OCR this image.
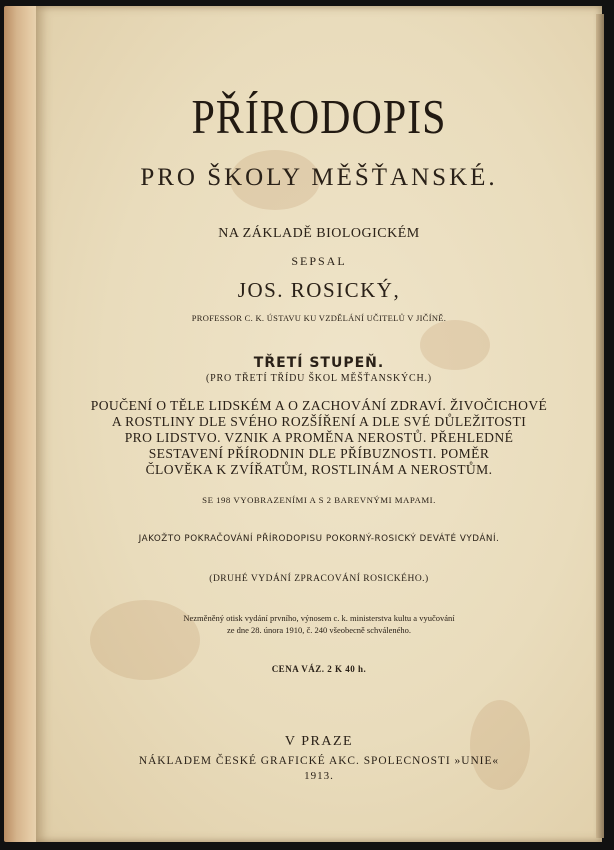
PŘÍRODOPIS
PRO ŠKOLY MĚŠŤANSKÉ.
NA ZÁKLADĚ BIOLOGICKÉM
SEPSAL
JOS. ROSICKÝ,
PROFESSOR C. K. ÚSTAVU KU VZDĚLÁNÍ UČITELŮ V JIČÍNĚ.
TŘETÍ STUPEŇ.
(PRO TŘETÍ TŘÍDU ŠKOL MĚŠŤANSKÝCH.)
POUČENÍ O TĚLE LIDSKÉM A O ZACHOVÁNÍ ZDRAVÍ. ŽIVOČICHOVÉ
A ROSTLINY DLE SVÉHO ROZŠÍŘENÍ A DLE SVÉ DŮLEŽITOSTI
PRO LIDSTVO. VZNIK A PROMĚNA NEROSTŮ. PŘEHLEDNÉ
SESTAVENÍ PŘÍRODNIN DLE PŘÍBUZNOSTI. POMĚR
ČLOVĚKA K ZVÍŘATŮM, ROSTLINÁM A NEROSTŮM.
SE 198 VYOBRAZENÍMI A S 2 BAREVNÝMI MAPAMI.
JAKOŽTO POKRAČOVÁNÍ PŘÍRODOPISU POKORNÝ-ROSICKÝ DEVÁTÉ VYDÁNÍ.
(DRUHÉ VYDÁNÍ ZPRACOVÁNÍ ROSICKÉHO.)
Nezměněný otisk vydání prvního, výnosem c. k. ministerstva kultu a vyučování
ze dne 28. února 1910, č. 240 všeobecně schváleného.
CENA VÁZ. 2 K 40 h.
V PRAZE
NÁKLADEM ČESKÉ GRAFICKÉ AKC. SPOLECNOSTI »UNIE«
1913.
